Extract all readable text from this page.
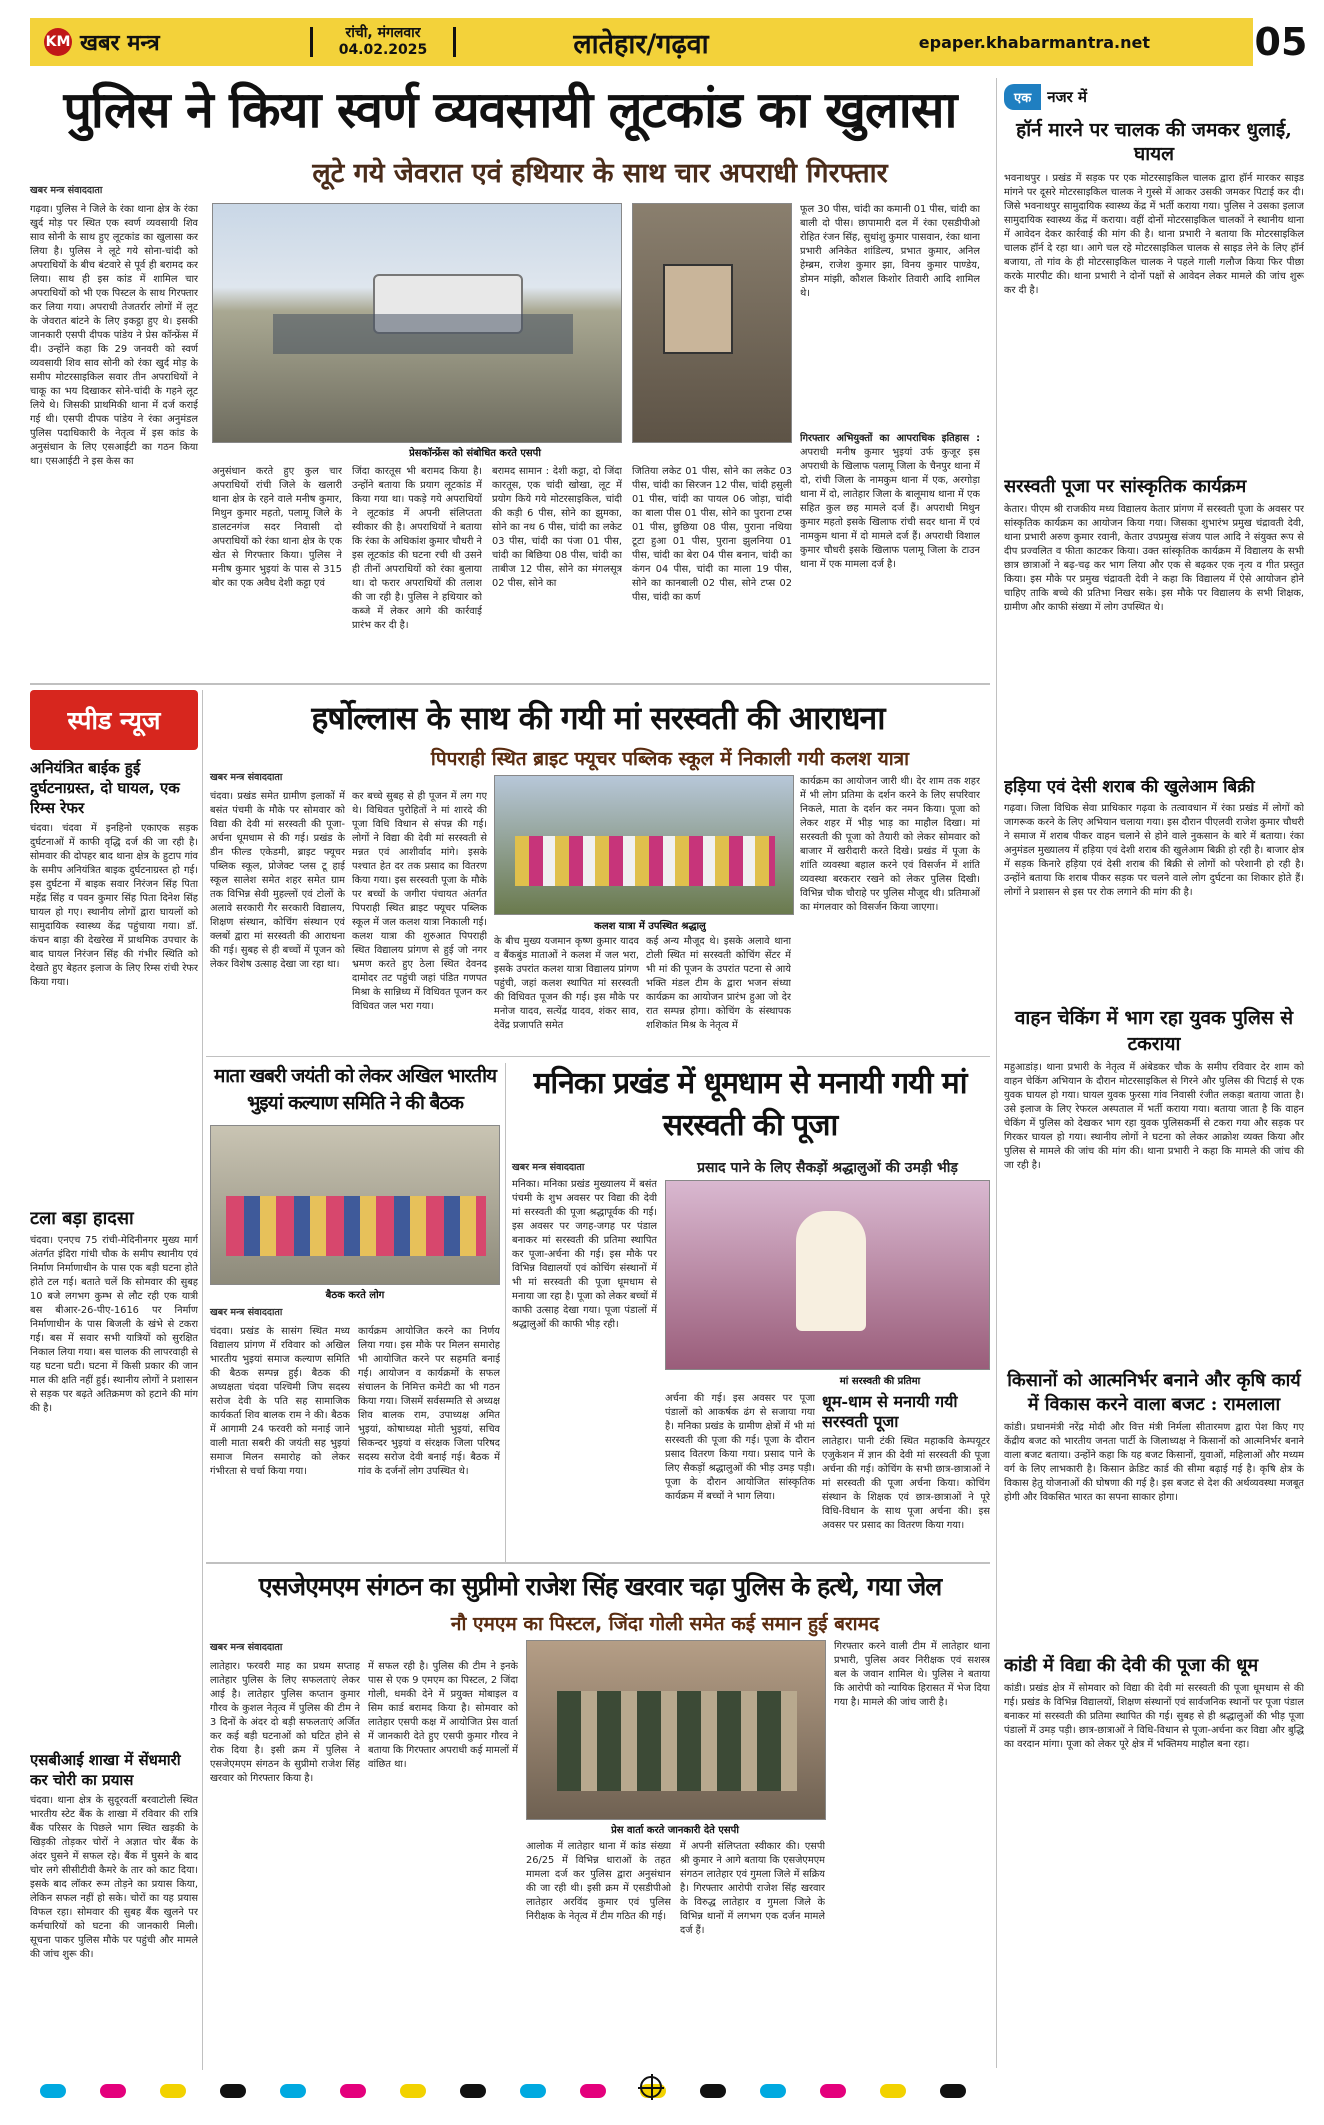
KM खबर मन्त्र	रांची, मंगलवार
04.02.2025	लातेहार/गढ़वा	epaper.khabarmantra.net	05
पुलिस ने किया स्वर्ण व्यवसायी लूटकांड का खुलासा
लूटे गये जेवरात एवं हथियार के साथ चार अपराधी गिरफ्तार
खबर मन्त्र संवाददाता
गढ़वा। पुलिस ने जिले के रंका थाना क्षेत्र के रंका खुर्द मोड़ पर स्थित एक स्वर्ण व्यवसायी शिव साव सोनी के साथ हुए लूटकांड का खुलासा कर लिया है। पुलिस ने लूटे गये सोना-चांदी को अपराधियों के बीच बंटवारे से पूर्व ही बरामद कर लिया। साथ ही इस कांड में शामिल चार अपराधियों को भी एक पिस्टल के साथ गिरफ्तार कर लिया गया। अपराधी तेजतर्रार लोगों में लूट के जेवरात बांटने के लिए इकट्ठा हुए थे। इसकी जानकारी एसपी दीपक पांडेय ने प्रेस कॉन्फ्रेंस में दी। उन्होंने कहा कि 29 जनवरी को स्वर्ण व्यवसायी शिव साव सोनी को रंका खुर्द मोड़ के समीप मोटरसाइकिल सवार तीन अपराधियों ने चाकू का भय दिखाकर सोने-चांदी के गहने लूट लिये थे। जिसकी प्राथमिकी थाना में दर्ज कराई गई थी। एसपी दीपक पांडेय ने रंका अनुमंडल पुलिस पदाधिकारी के नेतृत्व में इस कांड के अनुसंधान के लिए एसआईटी का गठन किया था। एसआईटी ने इस केस का
प्रेसकॉन्फ्रेंस को संबोधित करते एसपी
अनुसंधान करते हुए कुल चार अपराधियों रांची जिले के खलारी थाना क्षेत्र के रहने वाले मनीष कुमार, मिथुन कुमार महतो, पलामू जिले के डालटनगंज सदर निवासी दो अपराधियों को रंका थाना क्षेत्र के एक खेत से गिरफ्तार किया। पुलिस ने मनीष कुमार भुइयां के पास से 315 बोर का एक अवैध देशी कट्टा एवं
जिंदा कारतूस भी बरामद किया है। उन्होंने बताया कि प्रयाग लूटकांड में किया गया था। पकड़े गये अपराधियों ने लूटकांड में अपनी संलिप्तता स्वीकार की है। अपराधियों ने बताया कि रंका के अधिकांश कुमार चौधरी ने इस लूटकांड की घटना रची थी उसने ही तीनों अपराधियों को रंका बुलाया था। दो फरार अपराधियों की तलाश की जा रही है। पुलिस ने हथियार को कब्जे में लेकर आगे की कार्रवाई प्रारंभ कर दी है।
बरामद सामान : देशी कट्टा, दो जिंदा कारतूस, एक चांदी खोखा, लूट में प्रयोग किये गये मोटरसाइकिल, चांदी की कड़ी 6 पीस, सोने का झुमका, सोने का नथ 6 पीस, चांदी का लकेट 03 पीस, चांदी का पंजा 01 पीस, चांदी का बिछिया 08 पीस, चांदी का ताबीज 12 पीस, सोने का मंगलसूत्र 02 पीस, सोने का
जितिया लकेट 01 पीस, सोने का लकेट 03 पीस, चांदी का सिरजन 12 पीस, चांदी हसुली 01 पीस, चांदी का पायल 06 जोड़ा, चांदी का बाला पीस 01 पीस, सोने का पुराना टप्स 01 पीस, छुछिया 08 पीस, पुराना नथिया टूटा हुआ 01 पीस, पुराना झुलनिया 01 पीस, चांदी का बेरा 04 पीस बनान, चांदी का कंगन 04 पीस, चांदी का माला 19 पीस, सोने का कानबाली 02 पीस, सोने टप्स 02 पीस, चांदी का कर्ण
फूल 30 पीस, चांदी का कमानी 01 पीस, चांदी का बाली दो पीस। छापामारी दल में रंका एसडीपीओ रोहित रंजन सिंह, सुधांशु कुमार पासवान, रंका थाना प्रभारी अनिकेत शांडिल्य, प्रभात कुमार, अनिल हेम्ब्रम, राजेश कुमार झा, विनय कुमार पाण्डेय, डोमन मांझी, कौशल किशोर तिवारी आदि शामिल थे।
गिरफ्तार अभियुक्तों का आपराधिक इतिहास : अपराधी मनीष कुमार भुइयां उर्फ कुजूर इस अपराधी के खिलाफ पलामू जिला के चैनपुर थाना में दो, रांची जिला के नामकुम थाना में एक, अरगोड़ा थाना में दो, लातेहार जिला के बालूमाथ थाना में एक सहित कुल छह मामले दर्ज हैं। अपराधी मिथुन कुमार महतो इसके खिलाफ रांची सदर थाना में एवं नामकुम थाना में दो मामले दर्ज हैं। अपराधी विशाल कुमार चौधरी इसके खिलाफ पलामू जिला के टाउन थाना में एक मामला दर्ज है।
स्पीड न्यूज
अनियंत्रित बाईक हुई दुर्घटनाग्रस्त, दो घायल, एक रिम्स रेफर
चंदवा। चंदवा में इनहिनो एकाएक सड़क दुर्घटनाओं में काफी वृद्धि दर्ज की जा रही है। सोमवार की दोपहर बाद थाना क्षेत्र के हुटाप गांव के समीप अनियंत्रित बाइक दुर्घटनाग्रस्त हो गई। इस दुर्घटना में बाइक सवार निरंजन सिंह पिता महेंद्र सिंह व पवन कुमार सिंह पिता दिनेश सिंह घायल हो गए। स्थानीय लोगों द्वारा घायलों को सामुदायिक स्वास्थ्य केंद्र पहुंचाया गया। डॉ. कंचन बाड़ा की देखरेख में प्राथमिक उपचार के बाद घायल निरंजन सिंह की गंभीर स्थिति को देखते हुए बेहतर इलाज के लिए रिम्स रांची रेफर किया गया।
टला बड़ा हादसा
चंदवा। एनएच 75 रांची-मेदिनीनगर मुख्य मार्ग अंतर्गत इंदिरा गांधी चौक के समीप स्थानीय एवं निर्माण निर्माणाधीन के पास एक बड़ी घटना होते होते टल गई। बताते चलें कि सोमवार की सुबह 10 बजे लगभग कुम्भ से लौट रही एक यात्री बस बीआर-26-पीए-1616 पर निर्माण निर्माणाधीन के पास बिजली के खंभे से टकरा गई। बस में सवार सभी यात्रियों को सुरक्षित निकाल लिया गया। बस चालक की लापरवाही से यह घटना घटी। घटना में किसी प्रकार की जान माल की क्षति नहीं हुई। स्थानीय लोगों ने प्रशासन से सड़क पर बढ़ते अतिक्रमण को हटाने की मांग की है।
एसबीआई शाखा में सेंधमारी कर चोरी का प्रयास
चंदवा। थाना क्षेत्र के सुदूरवर्ती बरवाटोली स्थित भारतीय स्टेट बैंक के शाखा में रविवार की रात्रि बैंक परिसर के पिछले भाग स्थित खड़की के खिड़की तोड़कर चोरों ने अज्ञात चोर बैंक के अंदर घुसने में सफल रहे। बैंक में घुसने के बाद चोर लगे सीसीटीवी कैमरे के तार को काट दिया। इसके बाद लॉकर रूम तोड़ने का प्रयास किया, लेकिन सफल नहीं हो सके। चोरों का यह प्रयास विफल रहा। सोमवार की सुबह बैंक खुलने पर कर्मचारियों को घटना की जानकारी मिली। सूचना पाकर पुलिस मौके पर पहुंची और मामले की जांच शुरू की।
हर्षोल्लास के साथ की गयी मां सरस्वती की आराधना
पिपराही स्थित ब्राइट फ्यूचर पब्लिक स्कूल में निकाली गयी कलश यात्रा
खबर मन्त्र संवाददाता
चंदवा। प्रखंड समेत ग्रामीण इलाकों में बसंत पंचमी के मौके पर सोमवार को विद्या की देवी मां सरस्वती की पूजा-अर्चना धूमधाम से की गई। प्रखंड के डीन फील्ड एकेडमी, ब्राइट फ्यूचर पब्लिक स्कूल, प्रोजेक्ट प्लस टू हाई स्कूल सालेश समेत शहर समेत ग्राम तक विभिन्न सेवी मुहल्लों एवं टोलों के अलावे सरकारी गैर सरकारी विद्यालय, शिक्षण संस्थान, कोचिंग संस्थान एवं क्लबों द्वारा मां सरस्वती की आराधना की गई। सुबह से ही बच्चों में पूजन को लेकर विशेष उत्साह देखा जा रहा था।
कर बच्चे सुबह से ही पूजन में लग गए थे। विधिवत पुरोहितों ने मां शारदे की पूजा विधि विधान से संपन्न की गई। लोगों ने विद्या की देवी मां सरस्वती से मन्नत एवं आशीर्वाद मांगे। इसके पश्चात हेत दर तक प्रसाद का वितरण किया गया। इस सरस्वती पूजा के मौके पर बच्चों के जगीरा पंचायत अंतर्गत पिपराही स्थित ब्राइट फ्यूचर पब्लिक स्कूल में जल कलश यात्रा निकाली गई। कलश यात्रा की शुरुआत पिपराही स्थित विद्यालय प्रांगण से हुई जो नगर भ्रमण करते हुए ठेला स्थित देवनद दामोदर तट पहुंची जहां पंडित गणपत मिश्रा के सान्निध्य में विधिवत पूजन कर विधिवत जल भरा गया।
कलश यात्रा में उपस्थित श्रद्धालु
के बीच मुख्य यजमान कृष्ण कुमार यादव व बैंकबुंड माताओं ने कलश में जल भरा, इसके उपरांत कलश यात्रा विद्यालय प्रांगण पहुंची, जहां कलश स्थापित मां सरस्वती की विधिवत पूजन की गई। इस मौके पर मनोज यादव, सत्येंद्र यादव, शंकर साव, देवेंद्र प्रजापति समेत
कई अन्य मौजूद थे। इसके अलावे थाना टोली स्थित मां सरस्वती कोचिंग सेंटर में भी मां की पूजन के उपरांत पटना से आये भक्ति मंडल टीम के द्वारा भजन संध्या कार्यक्रम का आयोजन प्रारंभ हुआ जो देर रात सम्पन्न होगा। कोचिंग के संस्थापक शशिकांत मिश्र के नेतृत्व में
कार्यक्रम का आयोजन जारी थी। देर शाम तक शहर में भी लोग प्रतिमा के दर्शन करने के लिए सपरिवार निकले, माता के दर्शन कर नमन किया। पूजा को लेकर शहर में भीड़ भाड़ का माहौल दिखा। मां सरस्वती की पूजा को तैयारी को लेकर सोमवार को बाजार में खरीदारी करते दिखे। प्रखंड में पूजा के शांति व्यवस्था बहाल करने एवं विसर्जन में शांति व्यवस्था बरकरार रखने को लेकर पुलिस दिखी। विभिन्न चौक चौराहे पर पुलिस मौजूद थी। प्रतिमाओं का मंगलवार को विसर्जन किया जाएगा।
माता खबरी जयंती को लेकर अखिल भारतीय भुइयां कल्याण समिति ने की बैठक
बैठक करते लोग
खबर मन्त्र संवाददाता
चंदवा। प्रखंड के सासंग स्थित मध्य विद्यालय प्रांगण में रविवार को अखिल भारतीय भुइयां समाज कल्याण समिति की बैठक सम्पन्न हुई। बैठक की अध्यक्षता चंदवा पश्चिमी जिप सदस्य सरोज देवी के पति सह सामाजिक कार्यकर्ता शिव बालक राम ने की। बैठक में आगामी 24 फरवरी को मनाई जाने वाली माता सबरी की जयंती सह भुइयां समाज मिलन समारोह को लेकर गंभीरता से चर्चा किया गया।
कार्यक्रम आयोजित करने का निर्णय लिया गया। इस मौके पर मिलन समारोह भी आयोजित करने पर सहमति बनाई गई। आयोजन व कार्यक्रमों के सफल संचालन के निमित्त कमेटी का भी गठन किया गया। जिसमें सर्वसम्मति से अध्यक्ष शिव बालक राम, उपाध्यक्ष अमित भुइयां, कोषाध्यक्ष मोती भुइयां, सचिव सिकन्दर भुइयां व संरक्षक जिला परिषद सदस्य सरोज देवी बनाई गई। बैठक में गांव के दर्जनों लोग उपस्थित थे।
मनिका प्रखंड में धूमधाम से मनायी गयी मां सरस्वती की पूजा
खबर मन्त्र संवाददाता
मनिका। मनिका प्रखंड मुख्यालय में बसंत पंचमी के शुभ अवसर पर विद्या की देवी मां सरस्वती की पूजा श्रद्धापूर्वक की गई। इस अवसर पर जगह-जगह पर पंडाल बनाकर मां सरस्वती की प्रतिमा स्थापित कर पूजा-अर्चना की गई। इस मौके पर विभिन्न विद्यालयों एवं कोचिंग संस्थानों में भी मां सरस्वती की पूजा धूमधाम से मनाया जा रहा है। पूजा को लेकर बच्चों में काफी उत्साह देखा गया। पूजा पंडालों में श्रद्धालुओं की काफी भीड़ रही।
प्रसाद पाने के लिए सैकड़ों श्रद्धालुओं की उमड़ी भीड़
मां सरस्वती की प्रतिमा
अर्चना की गई। इस अवसर पर पूजा पंडालों को आकर्षक ढंग से सजाया गया है। मनिका प्रखंड के ग्रामीण क्षेत्रों में भी मां सरस्वती की पूजा की गई। पूजा के दौरान प्रसाद वितरण किया गया। प्रसाद पाने के लिए सैकड़ों श्रद्धालुओं की भीड़ उमड़ पड़ी। पूजा के दौरान आयोजित सांस्कृतिक कार्यक्रम में बच्चों ने भाग लिया।
धूम-धाम से मनायी गयी सरस्वती पूजा
लातेहार। पानी टंकी स्थित महाकवि केम्पयूटर एजुकेशन में ज्ञान की देवी मां सरस्वती की पूजा अर्चना की गई। कोचिंग के सभी छात्र-छात्राओं ने मां सरस्वती की पूजा अर्चना किया। कोचिंग संस्थान के शिक्षक एवं छात्र-छात्राओं ने पूरे विधि-विधान के साथ पूजा अर्चना की। इस अवसर पर प्रसाद का वितरण किया गया।
एसजेएमएम संगठन का सुप्रीमो राजेश सिंह खरवार चढ़ा पुलिस के हत्थे, गया जेल
नौ एमएम का पिस्टल, जिंदा गोली समेत कई समान हुई बरामद
खबर मन्त्र संवाददाता
लातेहार। फरवरी माह का प्रथम सप्ताह लातेहार पुलिस के लिए सफलताएं लेकर आई है। लातेहार पुलिस कप्तान कुमार गौरव के कुशल नेतृत्व में पुलिस की टीम ने 3 दिनों के अंदर दो बड़ी सफलताएं अर्जित कर कई बड़ी घटनाओं को घटित होने से रोक दिया है। इसी क्रम में पुलिस ने एसजेएमएम संगठन के सुप्रीमो राजेश सिंह खरवार को गिरफ्तार किया है।
में सफल रही है। पुलिस की टीम ने इनके पास से एक 9 एमएम का पिस्टल, 2 जिंदा गोली, धमकी देने में प्रयुक्त मोबाइल व सिम कार्ड बरामद किया है। सोमवार को लातेहार एसपी कक्ष में आयोजित प्रेस वार्ता में जानकारी देते हुए एसपी कुमार गौरव ने बताया कि गिरफ्तार अपराधी कई मामलों में वांछित था।
प्रेस वार्ता करते जानकारी देते एसपी
आलोक में लातेहार थाना में कांड संख्या 26/25 में विभिन्न धाराओं के तहत मामला दर्ज कर पुलिस द्वारा अनुसंधान की जा रही थी। इसी क्रम में एसडीपीओ लातेहार अरविंद कुमार एवं पुलिस निरीक्षक के नेतृत्व में टीम गठित की गई।
में अपनी संलिप्तता स्वीकार की। एसपी श्री कुमार ने आगे बताया कि एसजेएमएम संगठन लातेहार एवं गुमला जिले में सक्रिय है। गिरफ्तार आरोपी राजेश सिंह खरवार के विरुद्ध लातेहार व गुमला जिले के विभिन्न थानों में लगभग एक दर्जन मामले दर्ज हैं।
गिरफ्तार करने वाली टीम में लातेहार थाना प्रभारी, पुलिस अवर निरीक्षक एवं सशस्त्र बल के जवान शामिल थे। पुलिस ने बताया कि आरोपी को न्यायिक हिरासत में भेज दिया गया है। मामले की जांच जारी है।
एक	नजर में
हॉर्न मारने पर चालक की जमकर धुलाई, घायल
भवनाथपुर । प्रखंड में सड़क पर एक मोटरसाइकिल चालक द्वारा हॉर्न मारकर साइड मांगने पर दूसरे मोटरसाइकिल चालक ने गुस्से में आकर उसकी जमकर पिटाई कर दी। जिसे भवनाथपुर सामुदायिक स्वास्थ्य केंद्र में भर्ती कराया गया। पुलिस ने उसका इलाज सामुदायिक स्वास्थ्य केंद्र में कराया। वहीं दोनों मोटरसाइकिल चालकों ने स्थानीय थाना में आवेदन देकर कार्रवाई की मांग की है। थाना प्रभारी ने बताया कि मोटरसाइकिल चालक हॉर्न दे रहा था। आगे चल रहे मोटरसाइकिल चालक से साइड लेने के लिए हॉर्न बजाया, तो गांव के ही मोटरसाइकिल चालक ने पहले गाली गलौज किया फिर पीछा करके मारपीट की। थाना प्रभारी ने दोनों पक्षों से आवेदन लेकर मामले की जांच शुरू कर दी है।
सरस्वती पूजा पर सांस्कृतिक कार्यक्रम
केतार। पीएम श्री राजकीय मध्य विद्यालय केतार प्रांगण में सरस्वती पूजा के अवसर पर सांस्कृतिक कार्यक्रम का आयोजन किया गया। जिसका शुभारंभ प्रमुख चंद्रावती देवी, थाना प्रभारी अरुण कुमार रवानी, केतार उपप्रमुख संजय पाल आदि ने संयुक्त रूप से दीप प्रज्वलित व फीता काटकर किया। उक्त सांस्कृतिक कार्यक्रम में विद्यालय के सभी छात्र छात्राओं ने बढ़-चढ़ कर भाग लिया और एक से बढ़कर एक नृत्य व गीत प्रस्तुत किया। इस मौके पर प्रमुख चंद्रावती देवी ने कहा कि विद्यालय में ऐसे आयोजन होने चाहिए ताकि बच्चे की प्रतिभा निखर सके। इस मौके पर विद्यालय के सभी शिक्षक, ग्रामीण और काफी संख्या में लोग उपस्थित थे।
हड़िया एवं देसी शराब की खुलेआम बिक्री
गढ़वा। जिला विधिक सेवा प्राधिकार गढ़वा के तत्वावधान में रंका प्रखंड में लोगों को जागरूक करने के लिए अभियान चलाया गया। इस दौरान पीएलवी राजेश कुमार चौधरी ने समाज में शराब पीकर वाहन चलाने से होने वाले नुकसान के बारे में बताया। रंका अनुमंडल मुख्यालय में हड़िया एवं देशी शराब की खुलेआम बिक्री हो रही है। बाजार क्षेत्र में सड़क किनारे हड़िया एवं देसी शराब की बिक्री से लोगों को परेशानी हो रही है। उन्होंने बताया कि शराब पीकर सड़क पर चलने वाले लोग दुर्घटना का शिकार होते हैं। लोगों ने प्रशासन से इस पर रोक लगाने की मांग की है।
वाहन चेकिंग में भाग रहा युवक पुलिस से टकराया
महुआडांड़। थाना प्रभारी के नेतृत्व में अंबेडकर चौक के समीप रविवार देर शाम को वाहन चेकिंग अभियान के दौरान मोटरसाइकिल से गिरने और पुलिस की पिटाई से एक युवक घायल हो गया। घायल युवक फुरसा गांव निवासी रंजीत लकड़ा बताया जाता है। उसे इलाज के लिए रेफरल अस्पताल में भर्ती कराया गया। बताया जाता है कि वाहन चेकिंग में पुलिस को देखकर भाग रहा युवक पुलिसकर्मी से टकरा गया और सड़क पर गिरकर घायल हो गया। स्थानीय लोगों ने घटना को लेकर आक्रोश व्यक्त किया और पुलिस से मामले की जांच की मांग की। थाना प्रभारी ने कहा कि मामले की जांच की जा रही है।
किसानों को आत्मनिर्भर बनाने और कृषि कार्य में विकास करने वाला बजट : रामलाला
कांडी। प्रधानमंत्री नरेंद्र मोदी और वित्त मंत्री निर्मला सीतारमण द्वारा पेश किए गए केंद्रीय बजट को भारतीय जनता पार्टी के जिलाध्यक्ष ने किसानों को आत्मनिर्भर बनाने वाला बजट बताया। उन्होंने कहा कि यह बजट किसानों, युवाओं, महिलाओं और मध्यम वर्ग के लिए लाभकारी है। किसान क्रेडिट कार्ड की सीमा बढ़ाई गई है। कृषि क्षेत्र के विकास हेतु योजनाओं की घोषणा की गई है। इस बजट से देश की अर्थव्यवस्था मजबूत होगी और विकसित भारत का सपना साकार होगा।
कांडी में विद्या की देवी की पूजा की धूम
कांडी। प्रखंड क्षेत्र में सोमवार को विद्या की देवी मां सरस्वती की पूजा धूमधाम से की गई। प्रखंड के विभिन्न विद्यालयों, शिक्षण संस्थानों एवं सार्वजनिक स्थानों पर पूजा पंडाल बनाकर मां सरस्वती की प्रतिमा स्थापित की गई। सुबह से ही श्रद्धालुओं की भीड़ पूजा पंडालों में उमड़ पड़ी। छात्र-छात्राओं ने विधि-विधान से पूजा-अर्चना कर विद्या और बुद्धि का वरदान मांगा। पूजा को लेकर पूरे क्षेत्र में भक्तिमय माहौल बना रहा।
